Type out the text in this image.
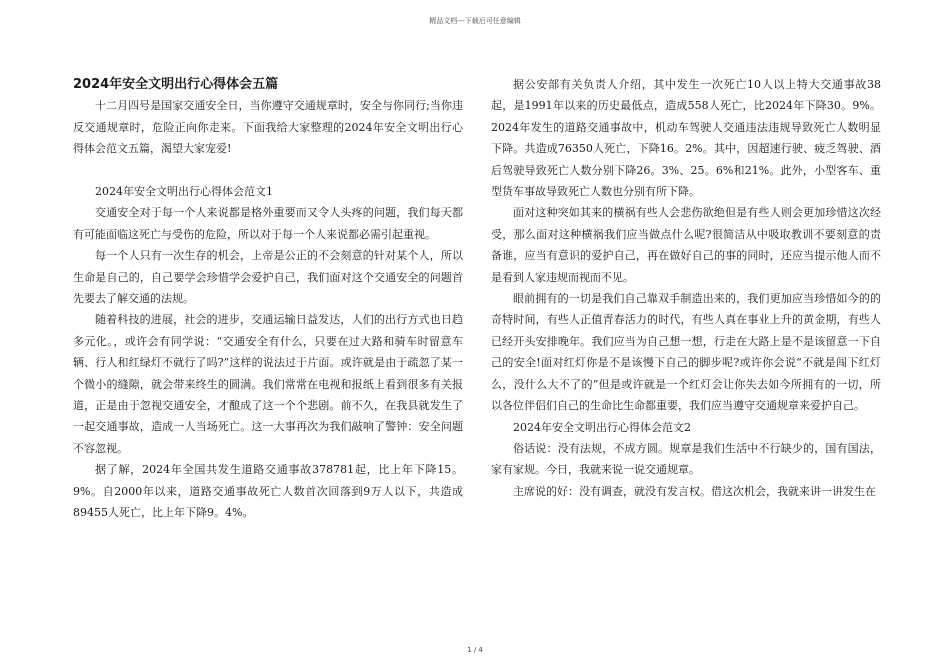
精品文档---下载后可任意编辑
2024年安全文明出行心得体会五篇

十二月四号是国家交通安全日，当你遵守交通规章时，安全与你同行;当你违反交通规章时，危险正向你走来。下面我给大家整理的2024年安全文明出行心得体会范文五篇，渴望大家宠爱!

2024年安全文明出行心得体会范文1

交通安全对于每一个人来说都是格外重要而又令人头疼的问题，我们每天都有可能面临这死亡与受伤的危险，所以对于每一个人来说都必需引起重视。

每一个人只有一次生存的机会，上帝是公正的不会刻意的针对某个人，所以生命是自己的，自己要学会珍惜学会爱护自己，我们面对这个交通安全的问题首先要去了解交通的法规。

随着科技的进展，社会的进步，交通运输日益发达，人们的出行方式也日趋多元化。，或许会有同学说：“交通安全有什么，只要在过大路和骑车时留意车辆、行人和红绿灯不就行了吗?”这样的说法过于片面。或许就是由于疏忽了某一个微小的缝隙，就会带来终生的圆满。我们常常在电视和报纸上看到很多有关报道，正是由于忽视交通安全，才酿成了这一个个悲剧。前不久，在我县就发生了一起交通事故，造成一人当场死亡。这一大事再次为我们敲响了警钟：安全问题不容忽视。

据了解，2024年全国共发生道路交通事故378781起，比上年下降15。9%。自2000年以来，道路交通事故死亡人数首次回落到9万人以下，共造成89455人死亡，比上年下降9。4%。

据公安部有关负责人介绍，其中发生一次死亡10人以上特大交通事故38起，是1991年以来的历史最低点，造成558人死亡，比2024年下降30。9%。2024年发生的道路交通事故中，机动车驾驶人交通违法违规导致死亡人数明显下降。共造成76350人死亡，下降16。2%。其中，因超速行驶、疲乏驾驶、酒后驾驶导致死亡人数分别下降26。3%、25。6%和21%。此外，小型客车、重型货车事故导致死亡人数也分别有所下降。

面对这种突如其来的横祸有些人会悲伤欲绝但是有些人则会更加珍惜这次经受，那么面对这种横祸我们应当做点什么呢?很简洁从中吸取教训不要刻意的责备谁，应当有意识的爱护自己，再在做好自己的事的同时，还应当提示他人而不是看到人家违规而视而不见。

眼前拥有的一切是我们自己靠双手制造出来的，我们更加应当珍惜如今的的奇特时间，有些人正值青春活力的时代，有些人真在事业上升的黄金期，有些人已经开头安排晚年。我们应当为自己想一想，行走在大路上是不是该留意一下自己的安全!面对红灯你是不是该慢下自己的脚步呢?或许你会说“不就是闯下红灯么，没什么大不了的”但是或许就是一个红灯会让你失去如今所拥有的一切，所以各位伴侣们自己的生命比生命都重要，我们应当遵守交通规章来爱护自己。

2024年安全文明出行心得体会范文2

俗话说：没有法规，不成方圆。规章是我们生活中不行缺少的，国有国法，家有家规。今日，我就来说一说交通规章。

主席说的好：没有调查，就没有发言权。借这次机会，我就来讲一讲发生在

1 / 4
